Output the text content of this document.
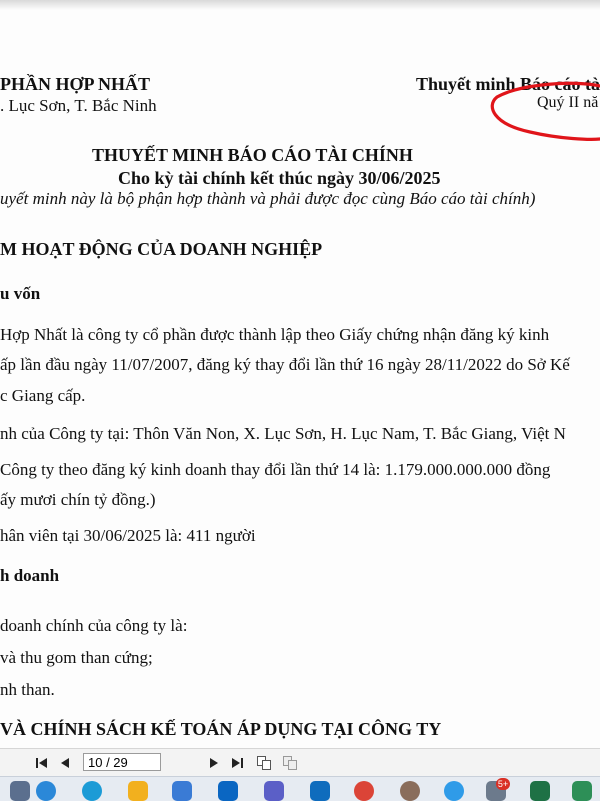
PHẦN HỢP NHẤT
. Lục Sơn, T. Bắc Ninh
Thuyết minh Báo cáo tà
Quý II nă
THUYẾT MINH BÁO CÁO TÀI CHÍNH
Cho kỳ tài chính kết thúc ngày 30/06/2025
uyết minh này là bộ phận hợp thành và phải được đọc cùng Báo cáo tài chính)
M HOẠT ĐỘNG CỦA DOANH NGHIỆP
u vốn
Hợp Nhất là công ty cổ phần được thành lập theo Giấy chứng nhận đăng ký kinh
ấp lần đầu ngày 11/07/2007, đăng ký thay đổi lần thứ 16 ngày 28/11/2022 do Sở Kế
c Giang cấp.
nh của Công ty tại: Thôn Văn Non, X. Lục Sơn, H. Lục Nam, T. Bắc Giang, Việt N
Công ty theo đăng ký kinh doanh thay đổi lần thứ 14 là: 1.179.000.000.000 đồng
ấy mươi chín tỷ đồng.)
hân viên tại 30/06/2025 là: 411 người
h doanh
doanh chính của công ty là:
và thu gom than cứng;
nh than.
VÀ CHÍNH SÁCH KẾ TOÁN ÁP DỤNG TẠI CÔNG TY
10 / 29
5+
